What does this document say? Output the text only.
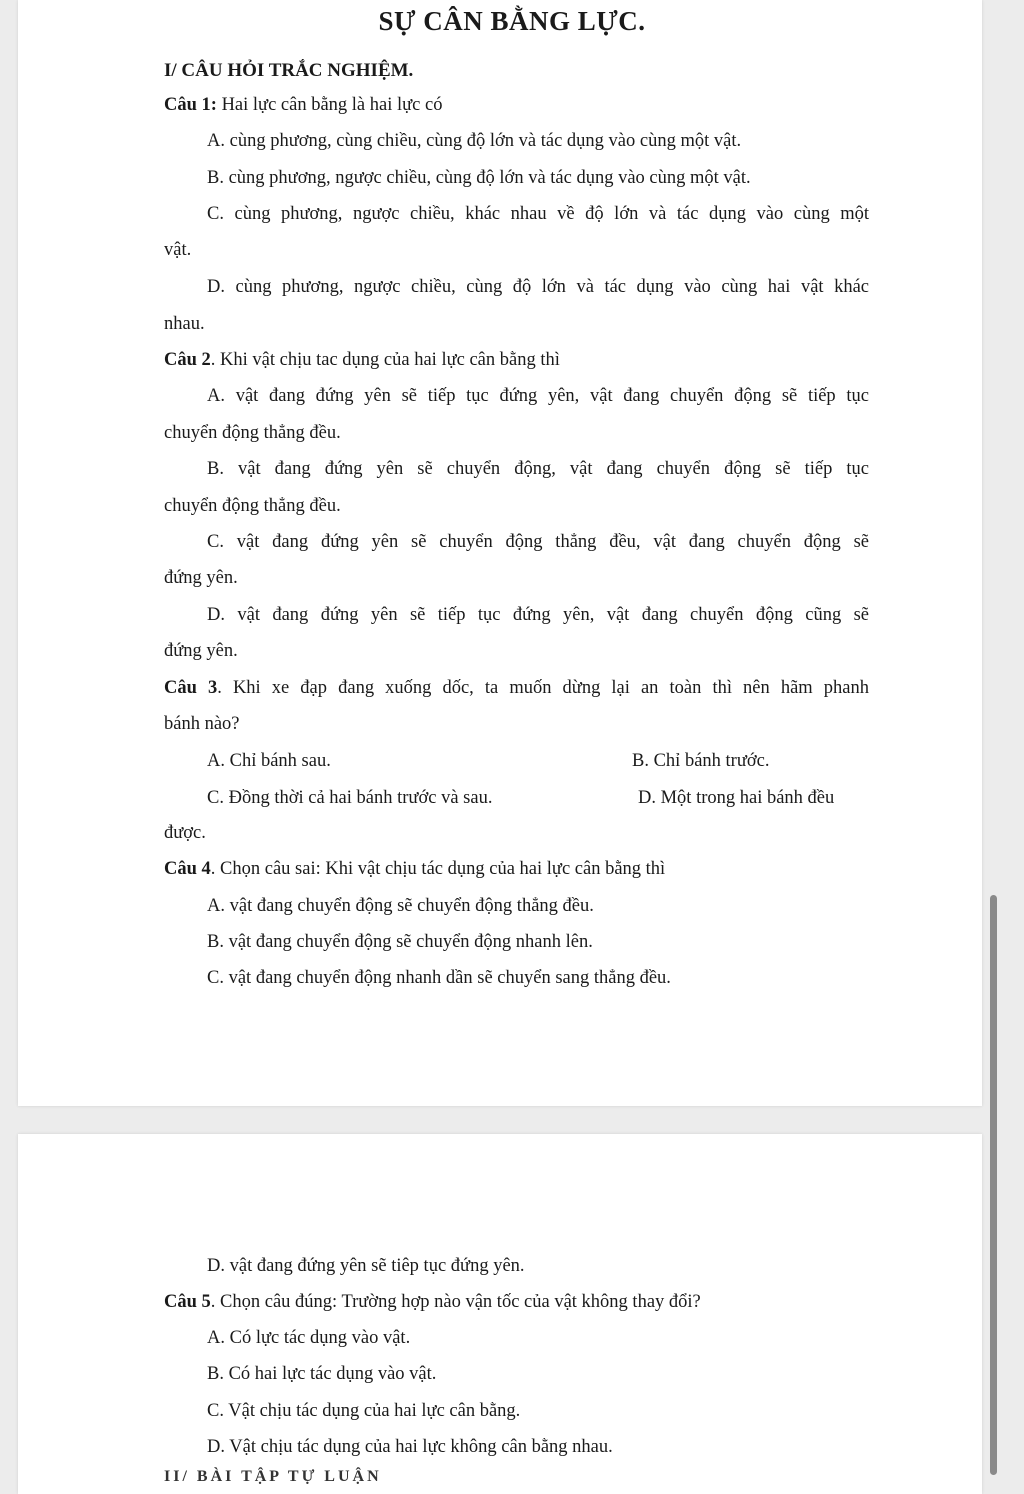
SỰ CÂN BẰNG LỰC.

I/ CÂU HỎI TRẮC NGHIỆM.

Câu 1: Hai lực cân bằng là hai lực có

A. cùng phương, cùng chiều, cùng độ lớn và tác dụng vào cùng một vật.

B. cùng phương, ngược chiều, cùng độ lớn và tác dụng vào cùng một vật.

C. cùng phương, ngược chiều, khác nhau về độ lớn và tác dụng vào cùng một

vật.

D. cùng phương, ngược chiều, cùng độ lớn và tác dụng vào cùng hai vật khác

nhau.

Câu 2. Khi vật chịu tac dụng của hai lực cân bằng thì

A. vật đang đứng yên sẽ tiếp tục đứng yên, vật đang chuyển động sẽ tiếp tục

chuyển động thẳng đều.

B. vật đang đứng yên sẽ chuyển động, vật đang chuyển động sẽ tiếp tục

chuyển động thẳng đều.

C. vật đang đứng yên sẽ chuyển động thẳng đều, vật đang chuyển động sẽ

đứng yên.

D. vật đang đứng yên sẽ tiếp tục đứng yên, vật đang chuyển động cũng sẽ

đứng yên.

Câu 3. Khi xe đạp đang xuống dốc, ta muốn dừng lại an toàn thì nên hãm phanh

bánh nào?

A. Chỉ bánh sau.	B. Chỉ bánh trước.

C. Đồng thời cả hai bánh trước và sau.	D. Một trong hai bánh đều

được.

Câu 4. Chọn câu sai: Khi vật chịu tác dụng của hai lực cân bằng thì

A. vật đang chuyển động sẽ chuyển động thẳng đều.

B. vật đang chuyển động sẽ chuyển động nhanh lên.

C. vật đang chuyển động nhanh dần sẽ chuyển sang thẳng đều.

D. vật đang đứng yên sẽ tiêp tục đứng yên.

Câu 5. Chọn câu đúng: Trường hợp nào vận tốc của vật không thay đổi?

A. Có lực tác dụng vào vật.

B. Có hai lực tác dụng vào vật.

C. Vật chịu tác dụng của hai lực cân bằng.

D. Vật chịu tác dụng của hai lực không cân bằng nhau.

II/ BÀI TẬP TỰ LUẬN
